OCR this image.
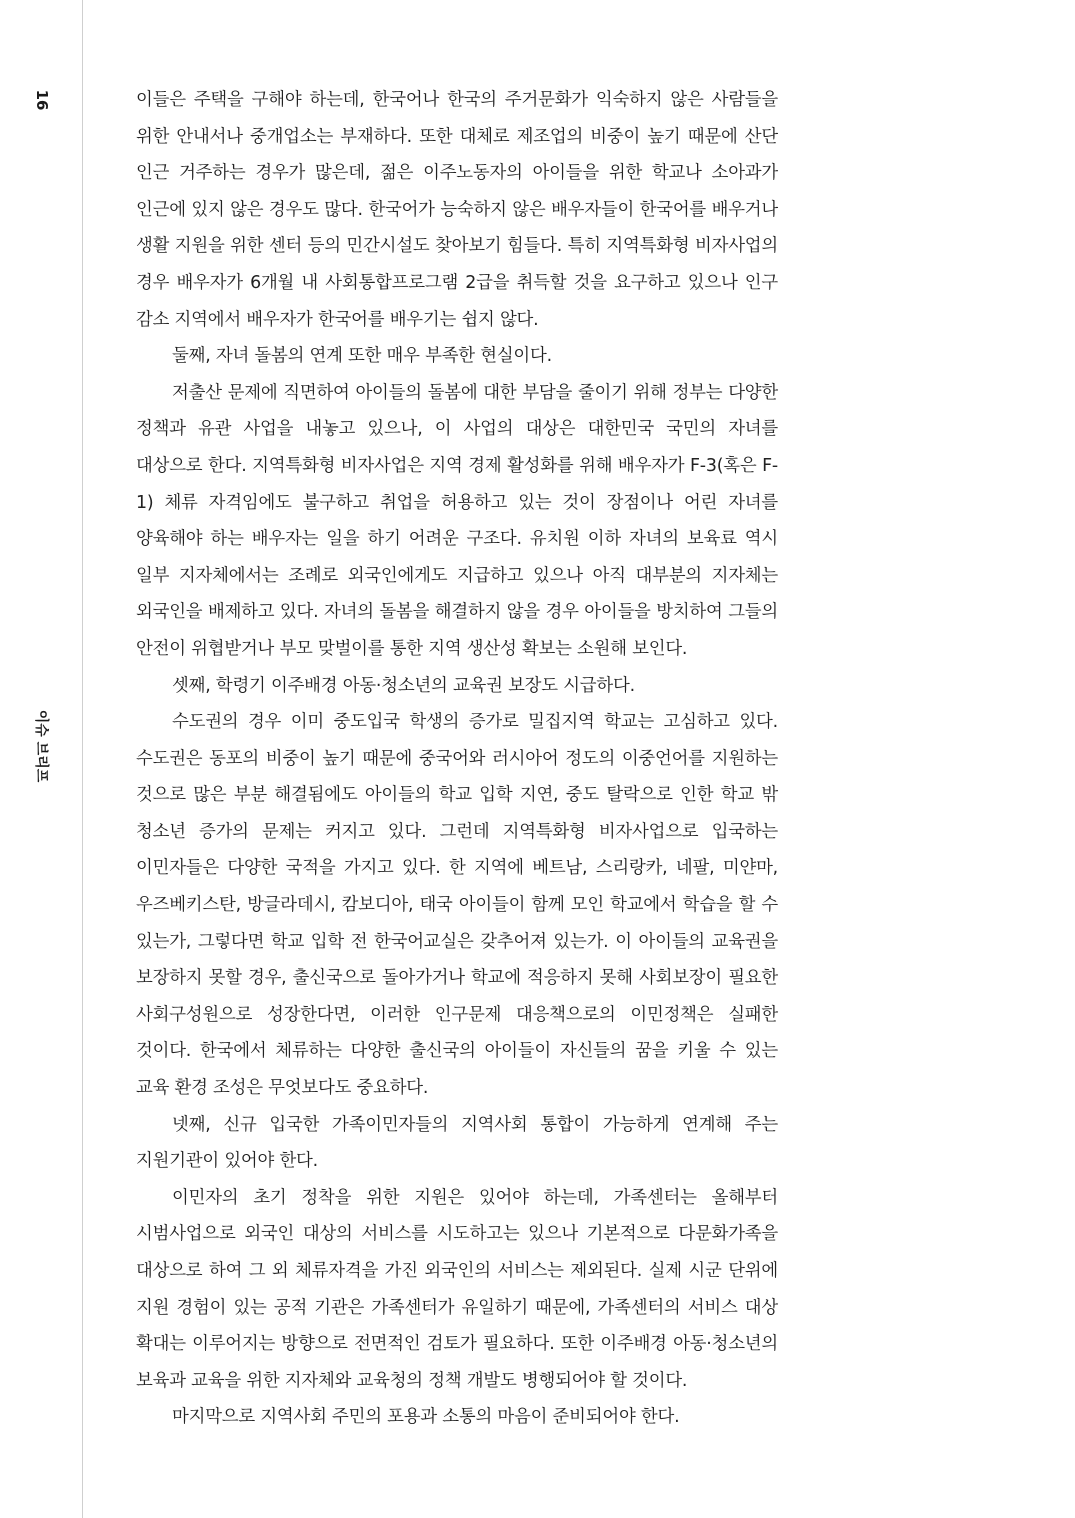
16
이슈 브리프

이들은 주택을 구해야 하는데, 한국어나 한국의 주거문화가 익숙하지 않은 사람들을 위한 안내서나 중개업소는 부재하다. 또한 대체로 제조업의 비중이 높기 때문에 산단 인근 거주하는 경우가 많은데, 젊은 이주노동자의 아이들을 위한 학교나 소아과가 인근에 있지 않은 경우도 많다. 한국어가 능숙하지 않은 배우자들이 한국어를 배우거나 생활 지원을 위한 센터 등의 민간시설도 찾아보기 힘들다. 특히 지역특화형 비자사업의 경우 배우자가 6개월 내 사회통합프로그램 2급을 취득할 것을 요구하고 있으나 인구 감소 지역에서 배우자가 한국어를 배우기는 쉽지 않다.

둘째, 자녀 돌봄의 연계 또한 매우 부족한 현실이다.

저출산 문제에 직면하여 아이들의 돌봄에 대한 부담을 줄이기 위해 정부는 다양한 정책과 유관 사업을 내놓고 있으나, 이 사업의 대상은 대한민국 국민의 자녀를 대상으로 한다. 지역특화형 비자사업은 지역 경제 활성화를 위해 배우자가 F-3(혹은 F-1) 체류 자격임에도 불구하고 취업을 허용하고 있는 것이 장점이나 어린 자녀를 양육해야 하는 배우자는 일을 하기 어려운 구조다. 유치원 이하 자녀의 보육료 역시 일부 지자체에서는 조례로 외국인에게도 지급하고 있으나 아직 대부분의 지자체는 외국인을 배제하고 있다. 자녀의 돌봄을 해결하지 않을 경우 아이들을 방치하여 그들의 안전이 위협받거나 부모 맞벌이를 통한 지역 생산성 확보는 소원해 보인다.

셋째, 학령기 이주배경 아동·청소년의 교육권 보장도 시급하다.

수도권의 경우 이미 중도입국 학생의 증가로 밀집지역 학교는 고심하고 있다. 수도권은 동포의 비중이 높기 때문에 중국어와 러시아어 정도의 이중언어를 지원하는 것으로 많은 부분 해결됨에도 아이들의 학교 입학 지연, 중도 탈락으로 인한 학교 밖 청소년 증가의 문제는 커지고 있다. 그런데 지역특화형 비자사업으로 입국하는 이민자들은 다양한 국적을 가지고 있다. 한 지역에 베트남, 스리랑카, 네팔, 미얀마, 우즈베키스탄, 방글라데시, 캄보디아, 태국 아이들이 함께 모인 학교에서 학습을 할 수 있는가, 그렇다면 학교 입학 전 한국어교실은 갖추어져 있는가. 이 아이들의 교육권을 보장하지 못할 경우, 출신국으로 돌아가거나 학교에 적응하지 못해 사회보장이 필요한 사회구성원으로 성장한다면, 이러한 인구문제 대응책으로의 이민정책은 실패한 것이다. 한국에서 체류하는 다양한 출신국의 아이들이 자신들의 꿈을 키울 수 있는 교육 환경 조성은 무엇보다도 중요하다.

넷째, 신규 입국한 가족이민자들의 지역사회 통합이 가능하게 연계해 주는 지원기관이 있어야 한다.

이민자의 초기 정착을 위한 지원은 있어야 하는데, 가족센터는 올해부터 시범사업으로 외국인 대상의 서비스를 시도하고는 있으나 기본적으로 다문화가족을 대상으로 하여 그 외 체류자격을 가진 외국인의 서비스는 제외된다. 실제 시군 단위에 지원 경험이 있는 공적 기관은 가족센터가 유일하기 때문에, 가족센터의 서비스 대상 확대는 이루어지는 방향으로 전면적인 검토가 필요하다. 또한 이주배경 아동·청소년의 보육과 교육을 위한 지자체와 교육청의 정책 개발도 병행되어야 할 것이다.

마지막으로 지역사회 주민의 포용과 소통의 마음이 준비되어야 한다.
